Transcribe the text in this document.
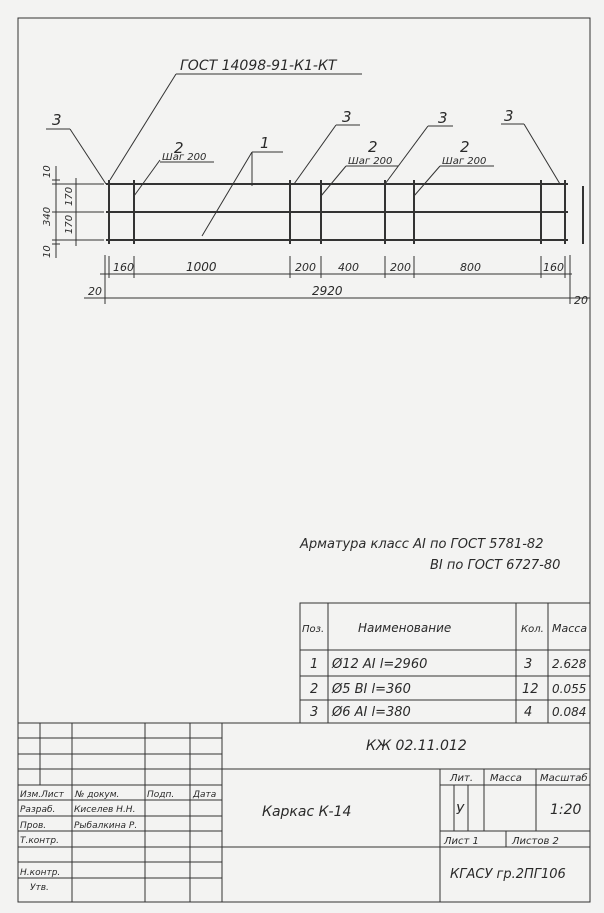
ГОСТ 14098-91-К1-КТ
3
2	1
3
2
3
2
3
Шаг 200	Шаг 200	Шаг 200
10
170
170
340
10
160	1000	200 400	200	800	160
2920
20
20
Арматура класс АI по ГОСТ 5781-82
BI по ГОСТ 6727-80
Поз.	Наименование	Кол. Масса
1 Ø12 АI l=2960	3 2.628
2 Ø5 BI l=360	12 0.055
3 Ø6 АI l=380	4 0.084
КЖ 02.11.012
Каркас К-14
Изм. Лист № докум.	Подп. Дата
Разраб. Киселев Н.Н.
Пров.	Рыбалкина Р.
Т.контр.
Н.контр.
Утв.
Лит. Масса Масштаб
У	1:20
Лист 1	Листов 2
КГАСУ гр.2ПГ106
